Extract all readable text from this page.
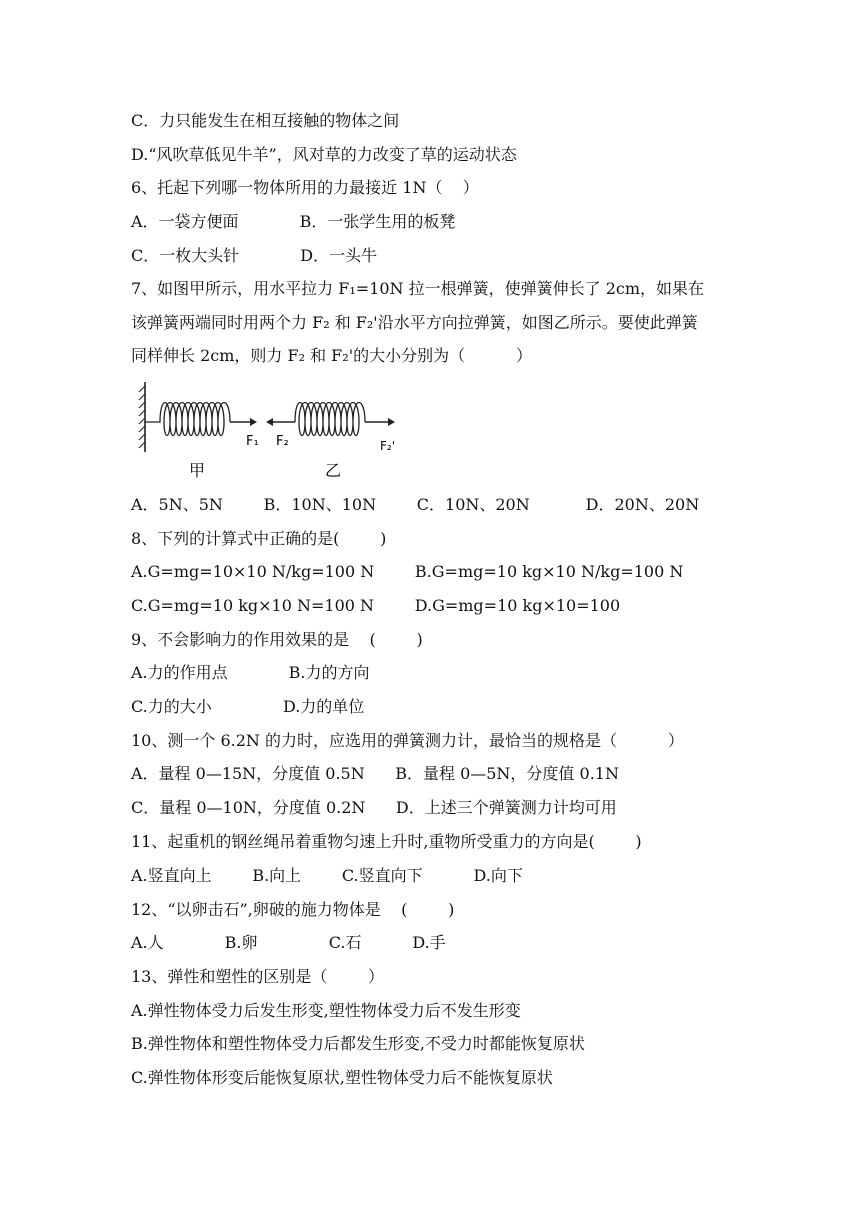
C．力只能发生在相互接触的物体之间
D.“风吹草低见牛羊”，风对草的力改变了草的运动状态
6、托起下列哪一物体所用的力最接近 1N（    ）
A．一袋方便面            B．一张学生用的板凳
C．一枚大头针            D．一头牛
7、如图甲所示，用水平拉力 F₁=10N 拉一根弹簧，使弹簧伸长了 2cm，如果在
该弹簧两端同时用两个力 F₂ 和 F₂'沿水平方向拉弹簧，如图乙所示。要使此弹簧
同样伸长 2cm，则力 F₂ 和 F₂'的大小分别为（          ）
F₁ F₂	F₂'
甲	乙
A．5N、5N        B．10N、10N        C．10N、20N           D．20N、20N
8、下列的计算式中正确的是(        )
A.G=mg=10×10 N/kg=100 N        B.G=mg=10 kg×10 N/kg=100 N
C.G=mg=10 kg×10 N=100 N        D.G=mg=10 kg×10=100
9、不会影响力的作用效果的是    (        )
A.力的作用点            B.力的方向
C.力的大小              D.力的单位
10、测一个 6.2N 的力时，应选用的弹簧测力计，最恰当的规格是（          ）
A．量程 0—15N，分度值 0.5N      B．量程 0—5N，分度值 0.1N
C．量程 0—10N，分度值 0.2N      D．上述三个弹簧测力计均可用
11、起重机的钢丝绳吊着重物匀速上升时,重物所受重力的方向是(        )
A.竖直向上        B.向上        C.竖直向下          D.向下
12、“以卵击石”,卵破的施力物体是    (        )
A.人            B.卵              C.石          D.手
13、弹性和塑性的区别是（        ）
A.弹性物体受力后发生形变,塑性物体受力后不发生形变
B.弹性物体和塑性物体受力后都发生形变,不受力时都能恢复原状
C.弹性物体形变后能恢复原状,塑性物体受力后不能恢复原状
